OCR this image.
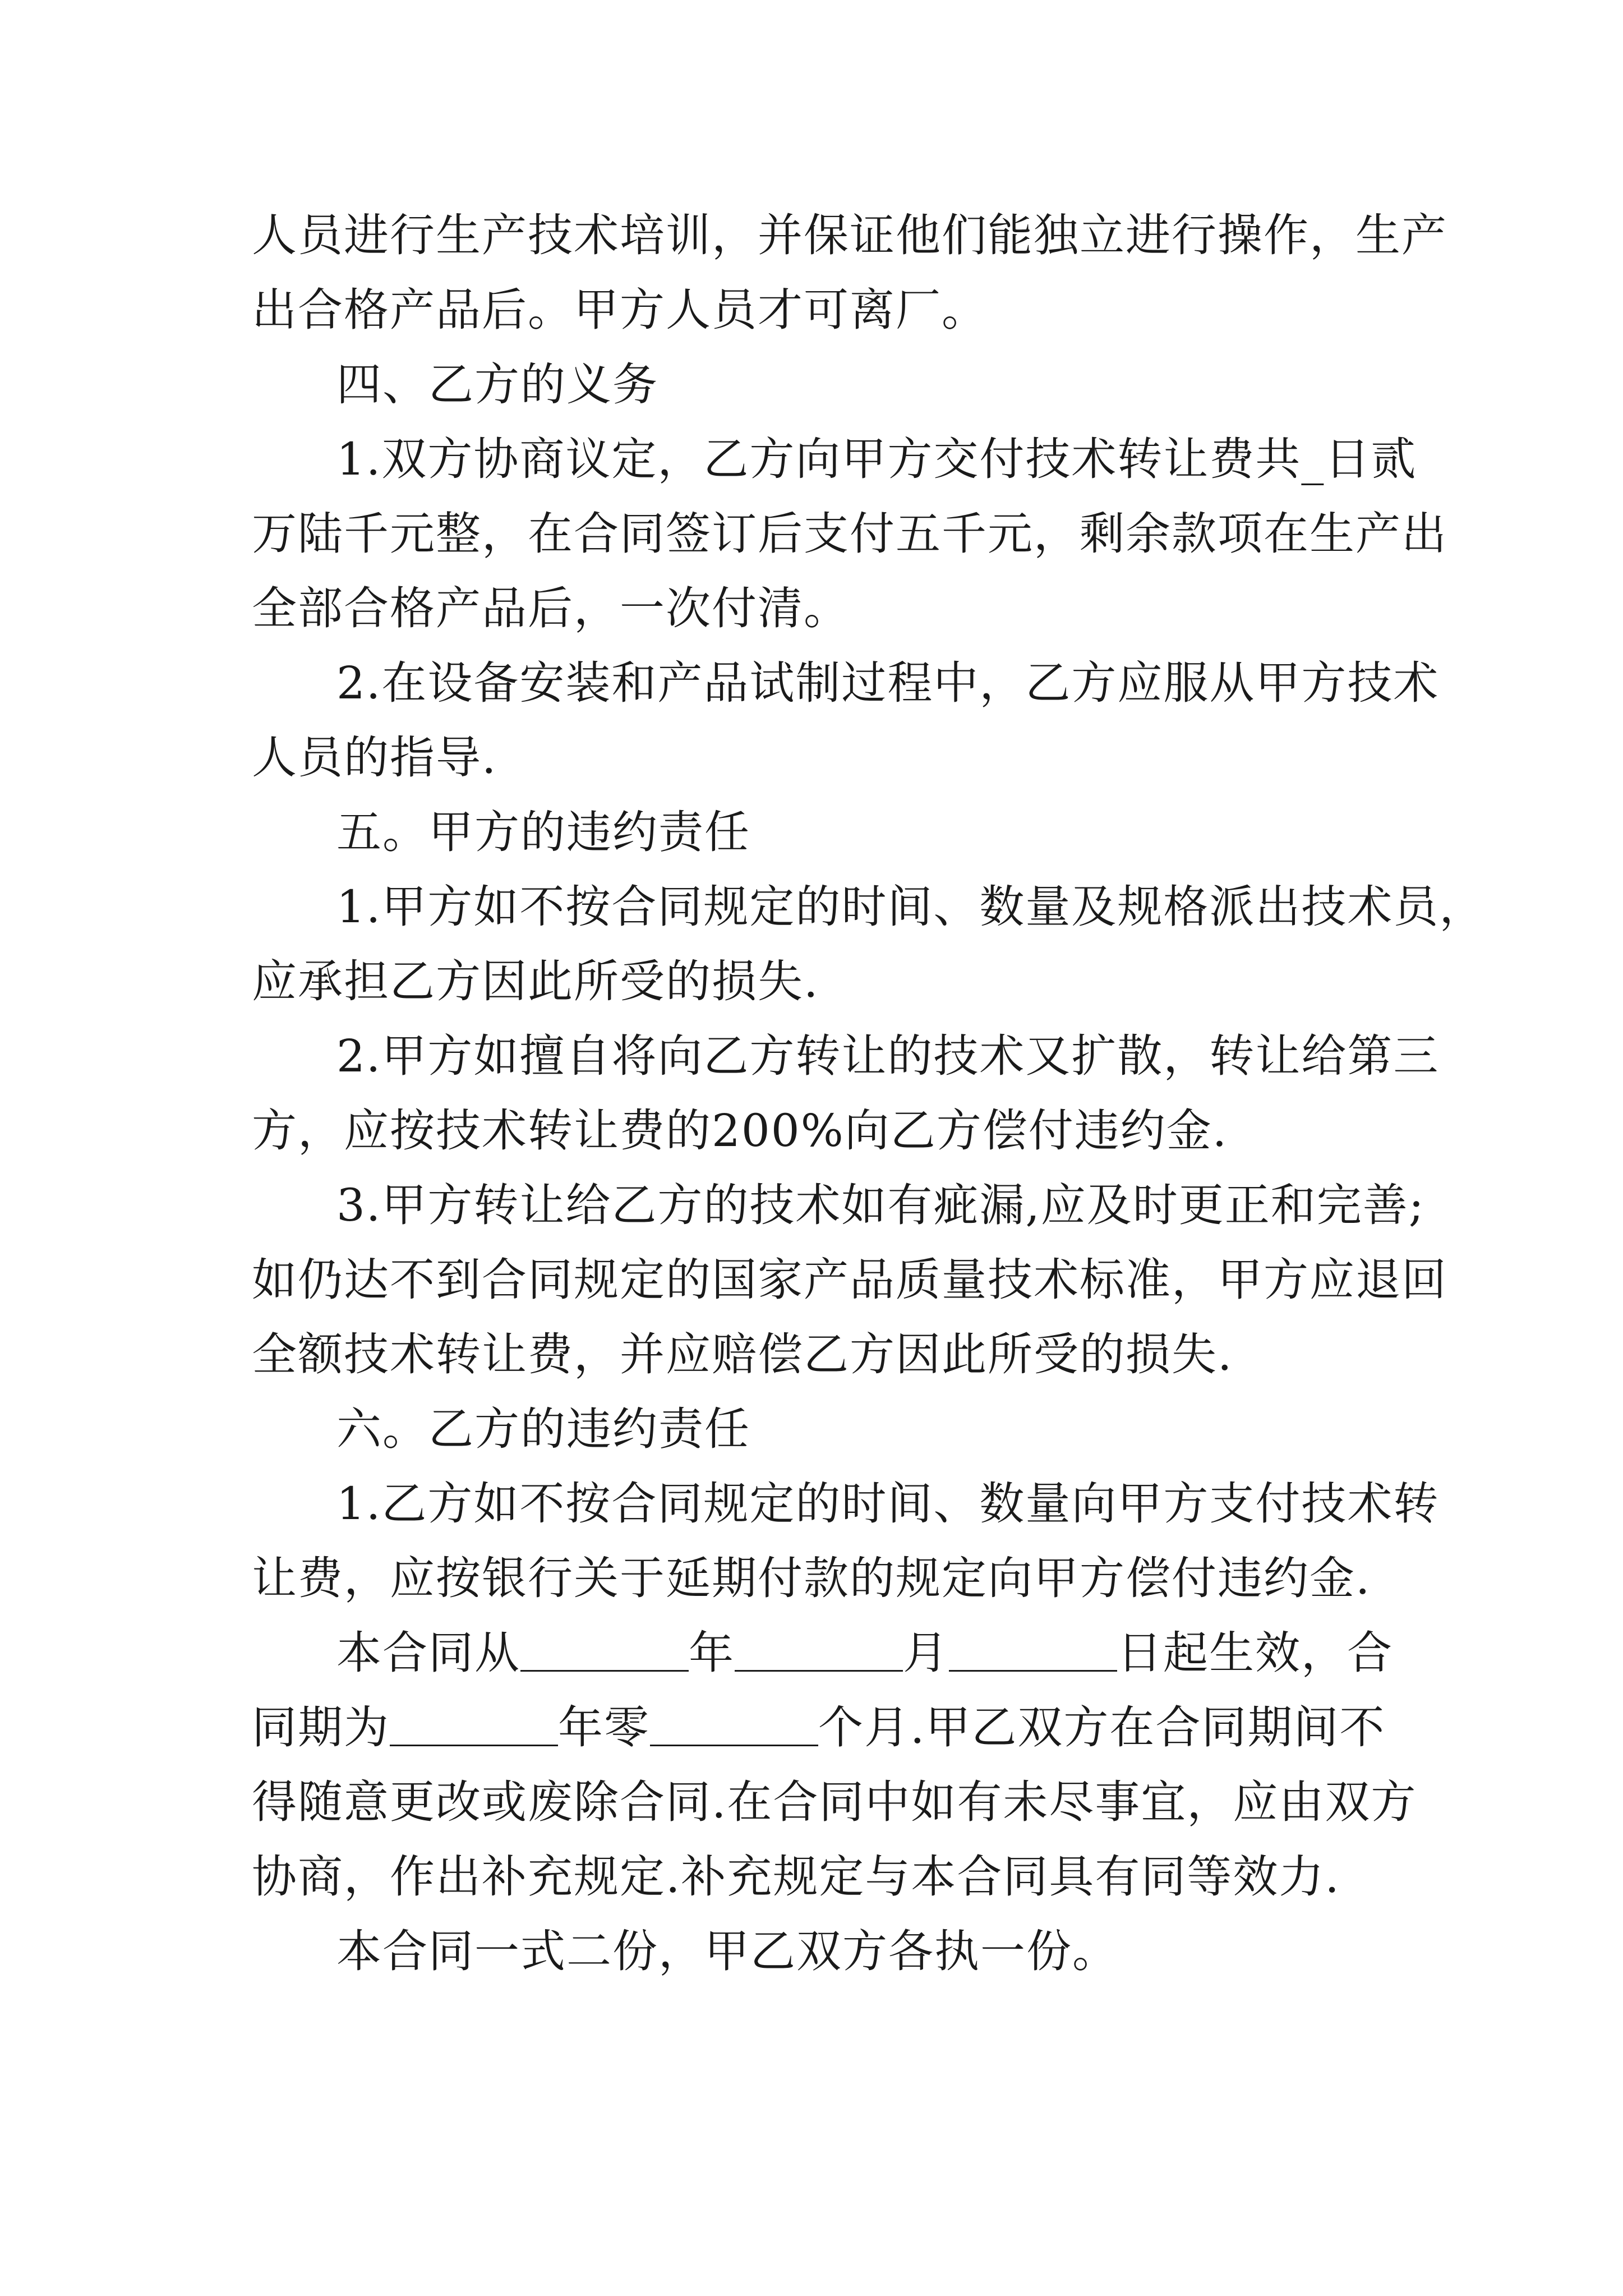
人员进行生产技术培训，并保证他们能独立进行操作，生产

出合格产品后。甲方人员才可离厂。

四、乙方的义务

1.双方协商议定，乙方向甲方交付技术转让费共_日贰

万陆千元整，在合同签订后支付五千元，剩余款项在生产出

全部合格产品后，一次付清。

2.在设备安装和产品试制过程中，乙方应服从甲方技术

人员的指导.

五。甲方的违约责任

1.甲方如不按合同规定的时间、数量及规格派出技术员，

应承担乙方因此所受的损失.

2.甲方如擅自将向乙方转让的技术又扩散，转让给第三

方，应按技术转让费的200%向乙方偿付违约金.

3.甲方转让给乙方的技术如有疵漏,应及时更正和完善;

如仍达不到合同规定的国家产品质量技术标准，甲方应退回

全额技术转让费，并应赔偿乙方因此所受的损失.

六。乙方的违约责任

1.乙方如不按合同规定的时间、数量向甲方支付技术转

让费，应按银行关于延期付款的规定向甲方偿付违约金.

本合同从	年	月	日起生效，合

同期为	年零	个月.甲乙双方在合同期间不

得随意更改或废除合同.在合同中如有未尽事宜，应由双方

协商，作出补充规定.补充规定与本合同具有同等效力.

本合同一式二份，甲乙双方各执一份。
